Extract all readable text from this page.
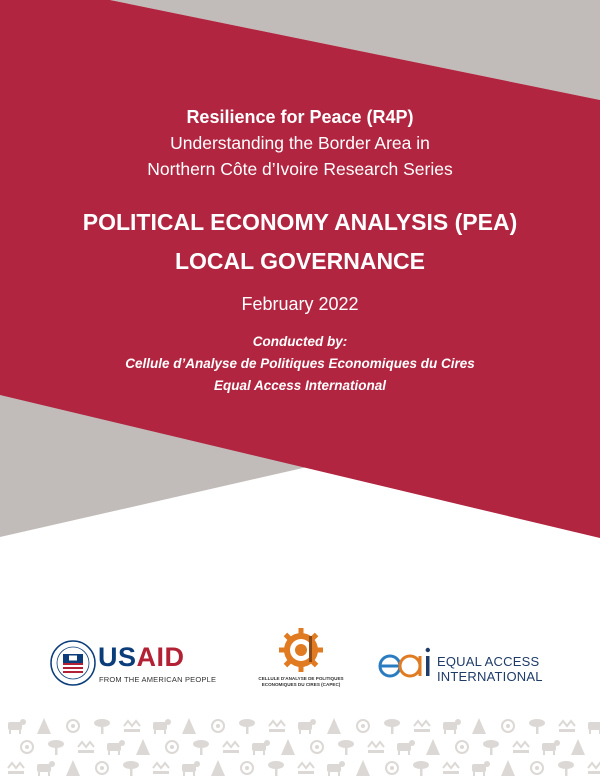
Resilience for Peace (R4P)
Understanding the Border Area in
Northern Côte d’Ivoire Research Series
POLITICAL ECONOMY ANALYSIS (PEA)
LOCAL GOVERNANCE
February 2022
Conducted by:
Cellule d’Analyse de Politiques Economiques du Cires
Equal Access International
USAID
FROM THE AMERICAN PEOPLE	CELLULE D'ANALYSE DE POLITIQUES
ECONOMIQUES DU CIRES (CAPEC)
EQUAL ACCESS
INTERNATIONAL
